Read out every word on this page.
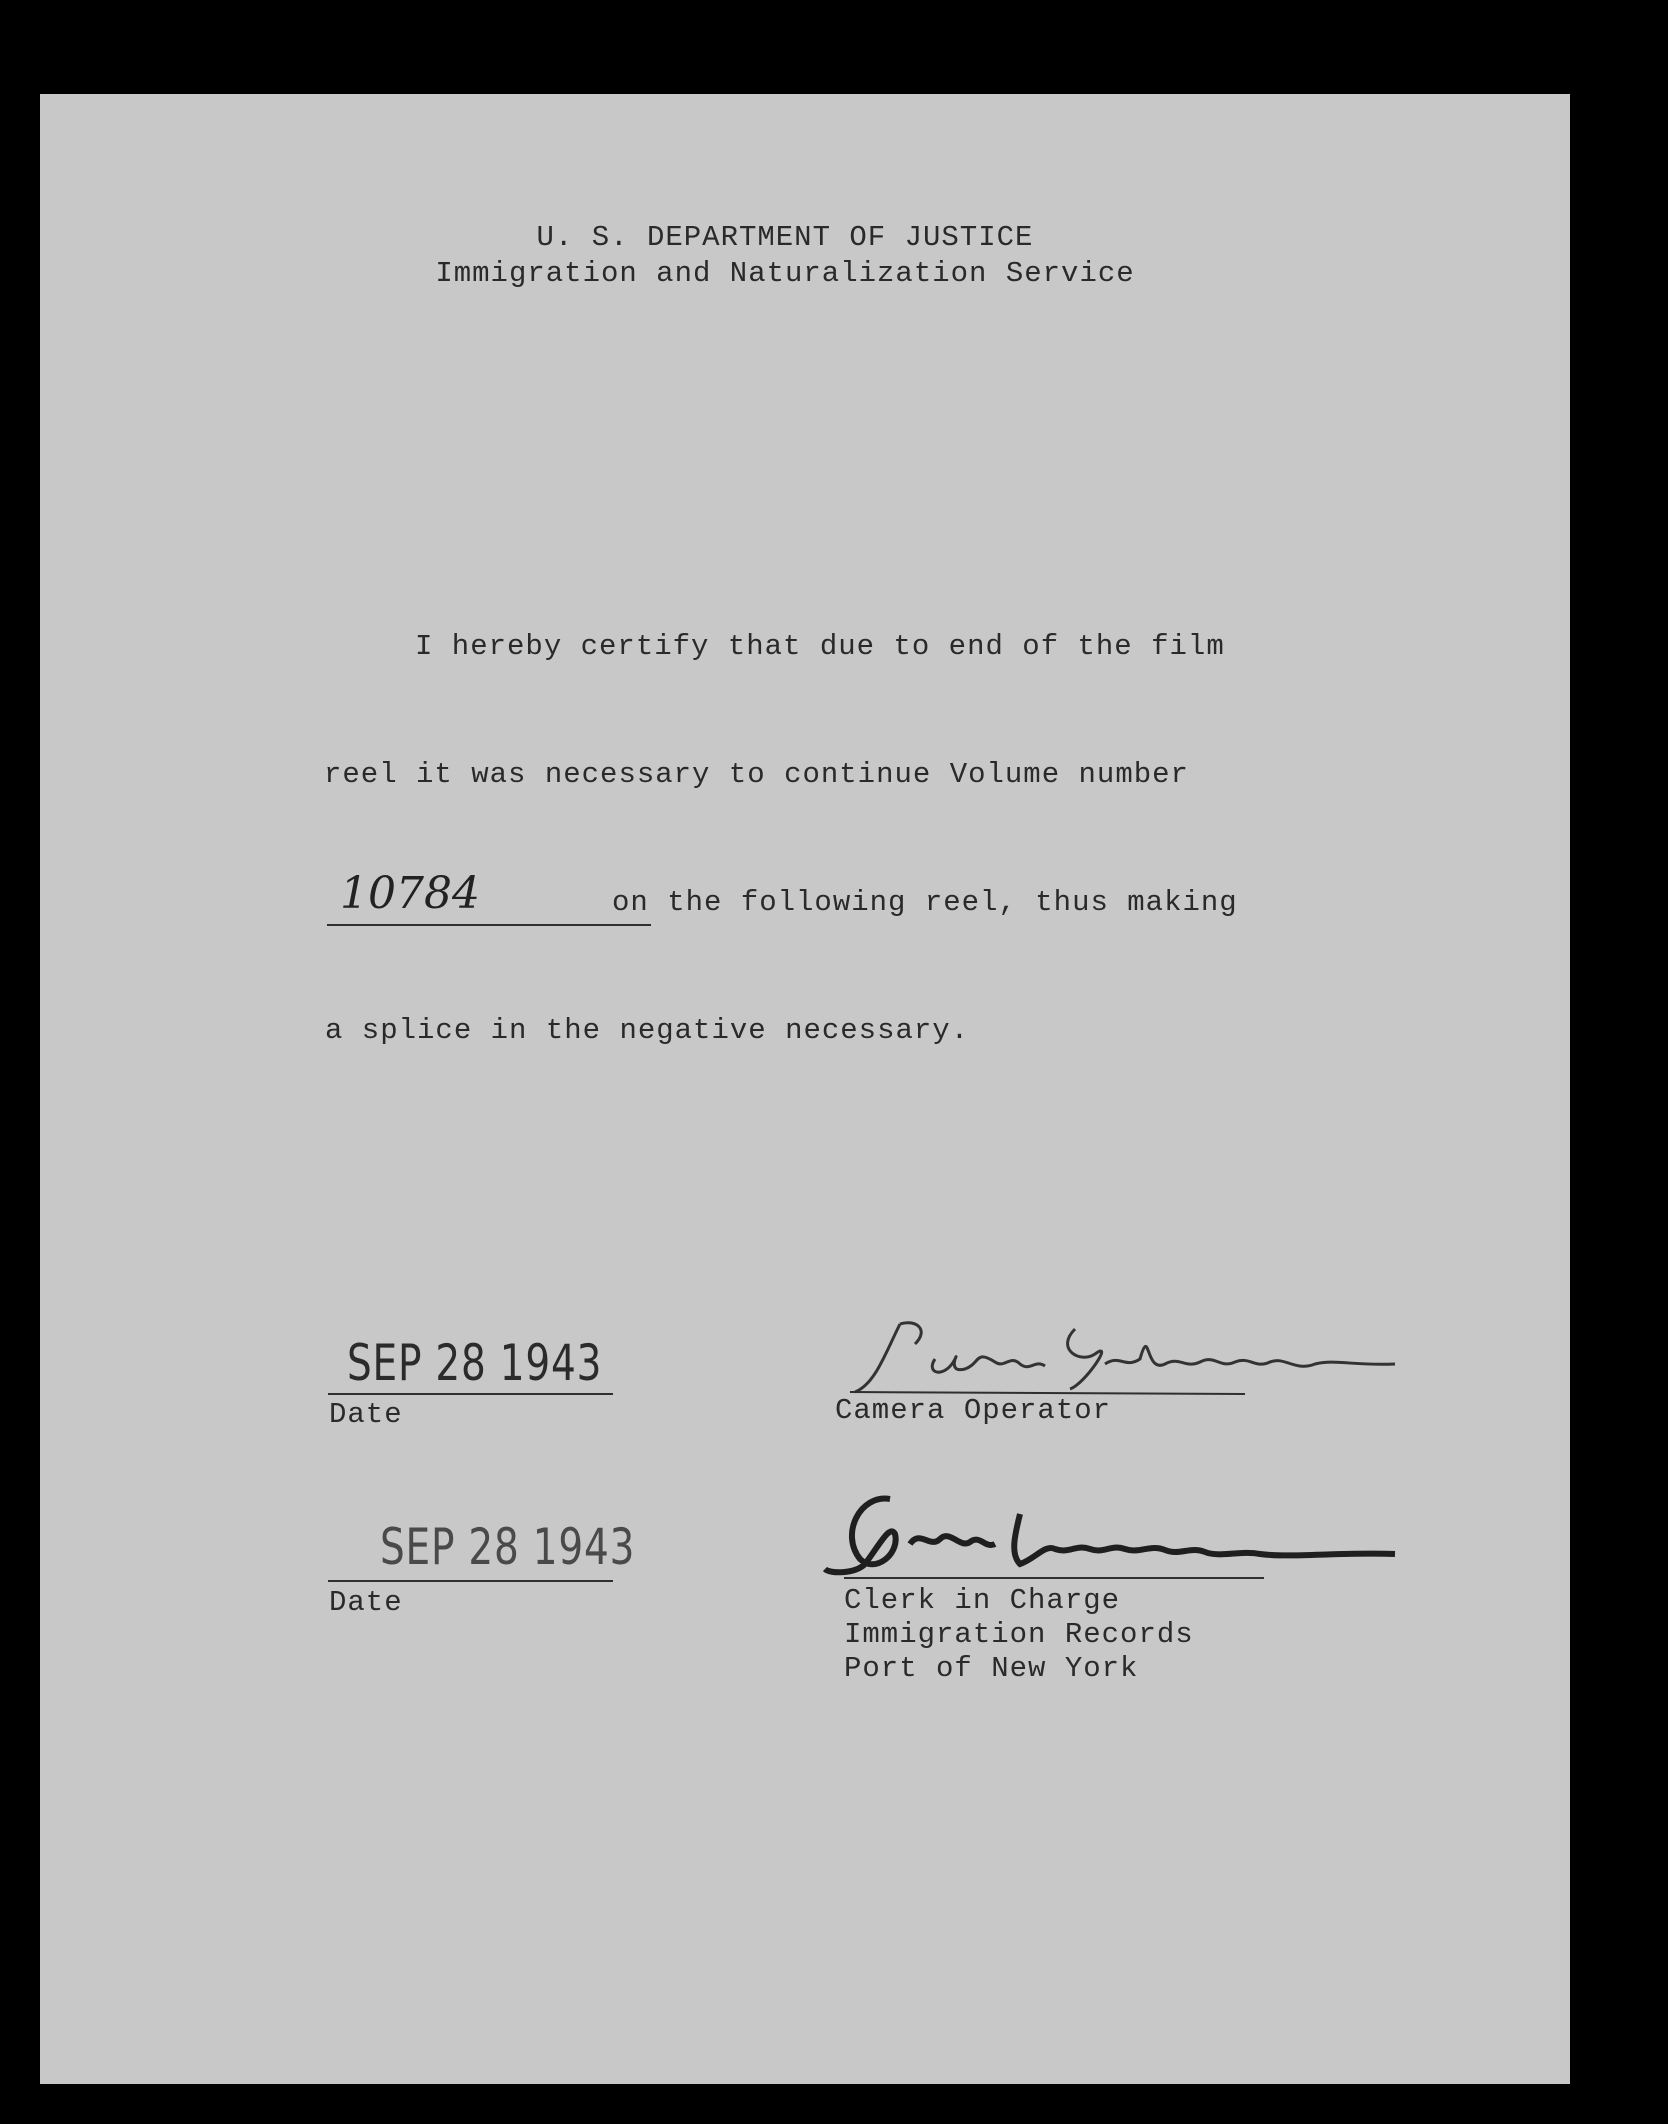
U. S. DEPARTMENT OF JUSTICE
Immigration and Naturalization Service
I hereby certify that due to end of the film
reel it was necessary to continue Volume number
10784	on the following reel, thus making
a splice in the negative necessary.
SEP 28 1943
Date	Camera Operator
SEP 28 1943
Date	Clerk in Charge
Immigration Records
Port of New York
